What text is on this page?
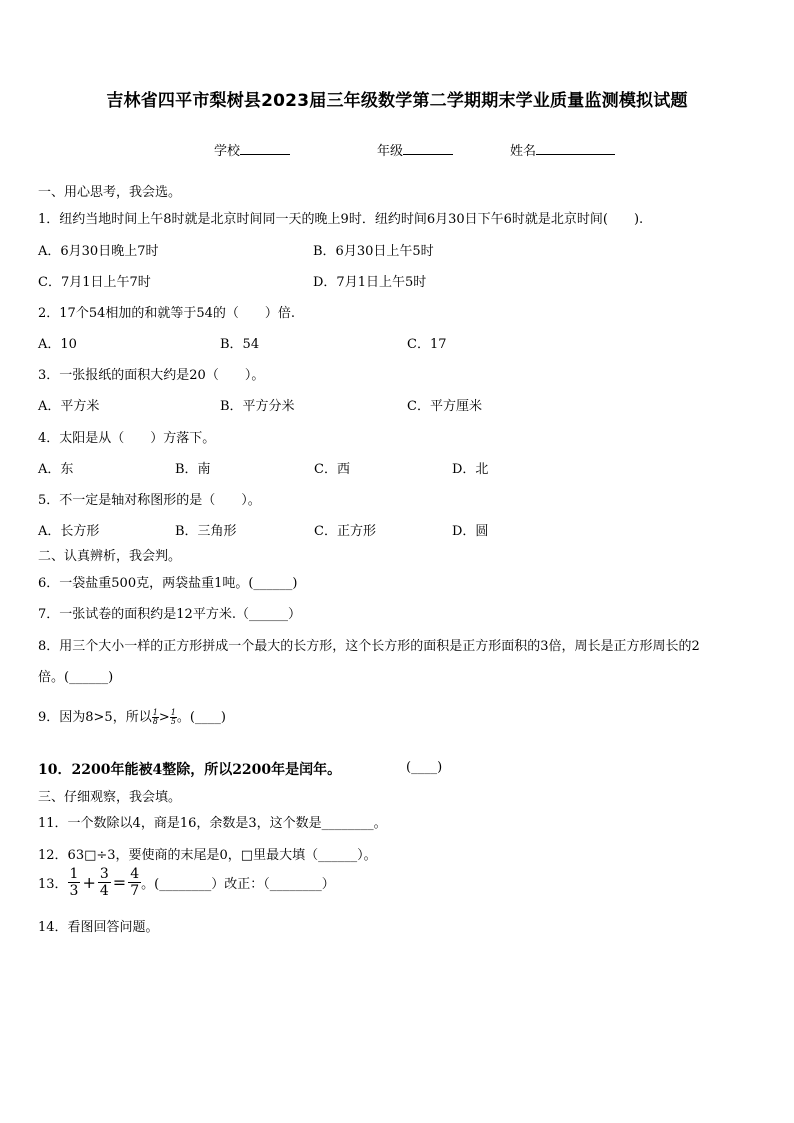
吉林省四平市梨树县2023届三年级数学第二学期期末学业质量监测模拟试题
学校	年级	姓名
一、用心思考，我会选。
1．纽约当地时间上午8时就是北京时间同一天的晚上9时．纽约时间6月30日下午6时就是北京时间(　　).
A．6月30日晚上7时	B．6月30日上午5时
C．7月1日上午7时	D．7月1日上午5时
2．17个54相加的和就等于54的（　　）倍.
A．10	B．54	C．17
3．一张报纸的面积大约是20（　　）。
A．平方米	B．平方分米	C．平方厘米
4．太阳是从（　　）方落下。
A．东	B．南	C．西	D．北
5．不一定是轴对称图形的是（　　）。
A．长方形	B．三角形	C．正方形	D．圆
二、认真辨析，我会判。
6．一袋盐重500克，两袋盐重1吨。(______)
7．一张试卷的面积约是12平方米.（______）
8．用三个大小一样的正方形拼成一个最大的长方形，这个长方形的面积是正方形面积的3倍，周长是正方形周长的2
倍。(______)
9．因为8>5，所以 $\frac{1}{8} > \frac{1}{5}$ 。(____)
10．2200年能被4整除，所以2200年是闰年。	(____)
三、仔细观察，我会填。
11．一个数除以4，商是16，余数是3，这个数是________。
12．63□÷3，要使商的末尾是0，□里最大填（______）。
13． $\frac{1}{3} + \frac{3}{4} = \frac{4}{7}$ 。(________）改正：（________）
14．看图回答问题。
